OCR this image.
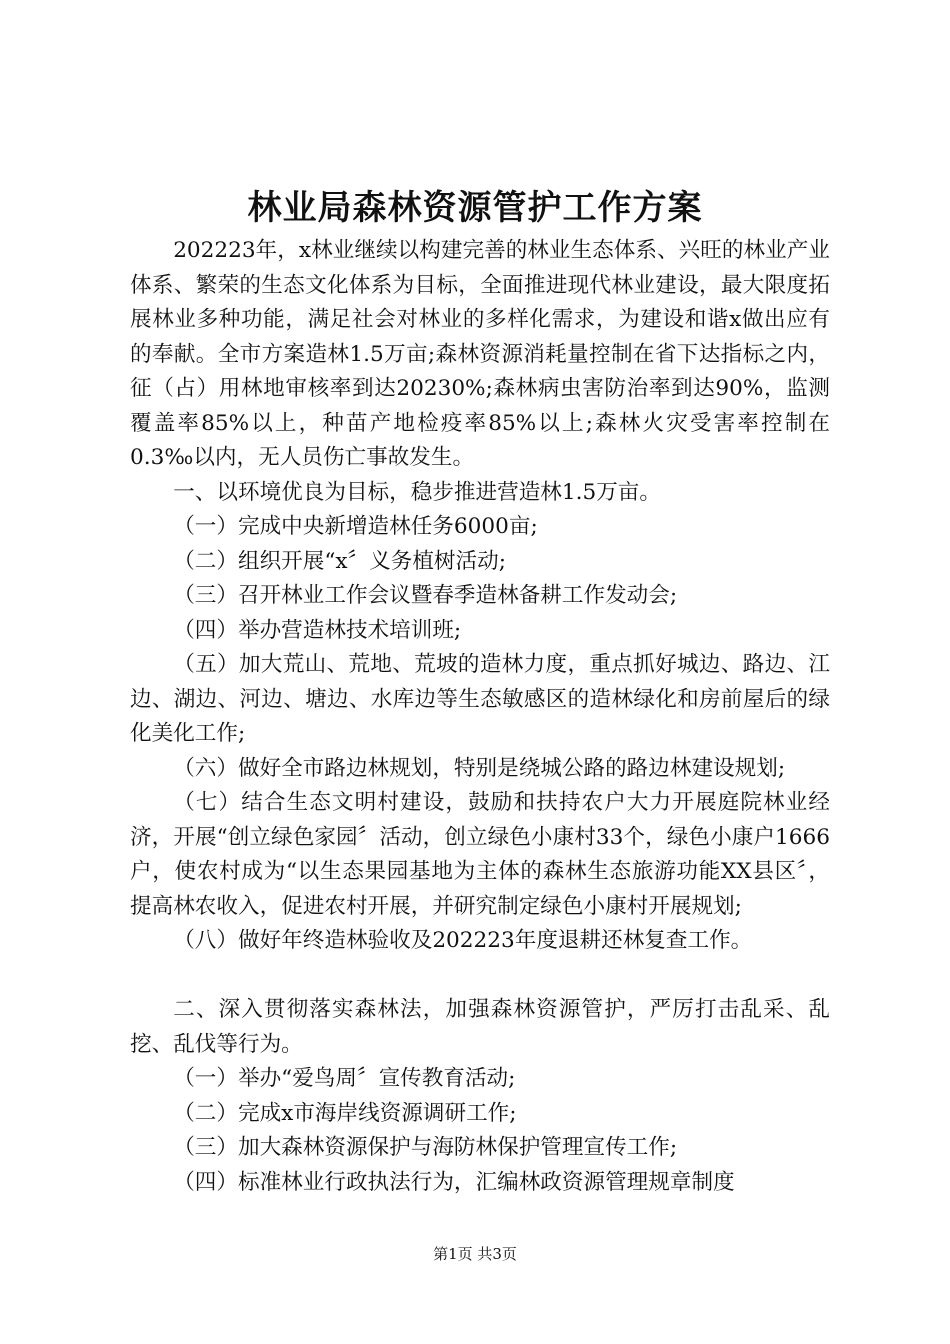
林业局森林资源管护工作方案

202223年，x林业继续以构建完善的林业生态体系、兴旺的林业产业体系、繁荣的生态文化体系为目标，全面推进现代林业建设，最大限度拓展林业多种功能，满足社会对林业的多样化需求，为建设和谐x做出应有的奉献。全市方案造林1.5万亩;森林资源消耗量控制在省下达指标之内，征（占）用林地审核率到达20230%;森林病虫害防治率到达90%，监测覆盖率85%以上，种苗产地检疫率85%以上;森林火灾受害率控制在0.3‰以内，无人员伤亡事故发生。

一、以环境优良为目标，稳步推进营造林1.5万亩。

（一）完成中央新增造林任务6000亩;

（二）组织开展“x〞义务植树活动;

（三）召开林业工作会议暨春季造林备耕工作发动会;

（四）举办营造林技术培训班;

（五）加大荒山、荒地、荒坡的造林力度，重点抓好城边、路边、江边、湖边、河边、塘边、水库边等生态敏感区的造林绿化和房前屋后的绿化美化工作;

（六）做好全市路边林规划，特别是绕城公路的路边林建设规划;

（七）结合生态文明村建设，鼓励和扶持农户大力开展庭院林业经济，开展“创立绿色家园〞活动，创立绿色小康村33个，绿色小康户1666户，使农村成为“以生态果园基地为主体的森林生态旅游功能XX县区〞，提高林农收入，促进农村开展，并研究制定绿色小康村开展规划;

（八）做好年终造林验收及202223年度退耕还林复查工作。

二、深入贯彻落实森林法，加强森林资源管护，严厉打击乱采、乱挖、乱伐等行为。

（一）举办“爱鸟周〞宣传教育活动;

（二）完成x市海岸线资源调研工作;

（三）加大森林资源保护与海防林保护管理宣传工作;

（四）标准林业行政执法行为，汇编林政资源管理规章制度

第1页 共3页
